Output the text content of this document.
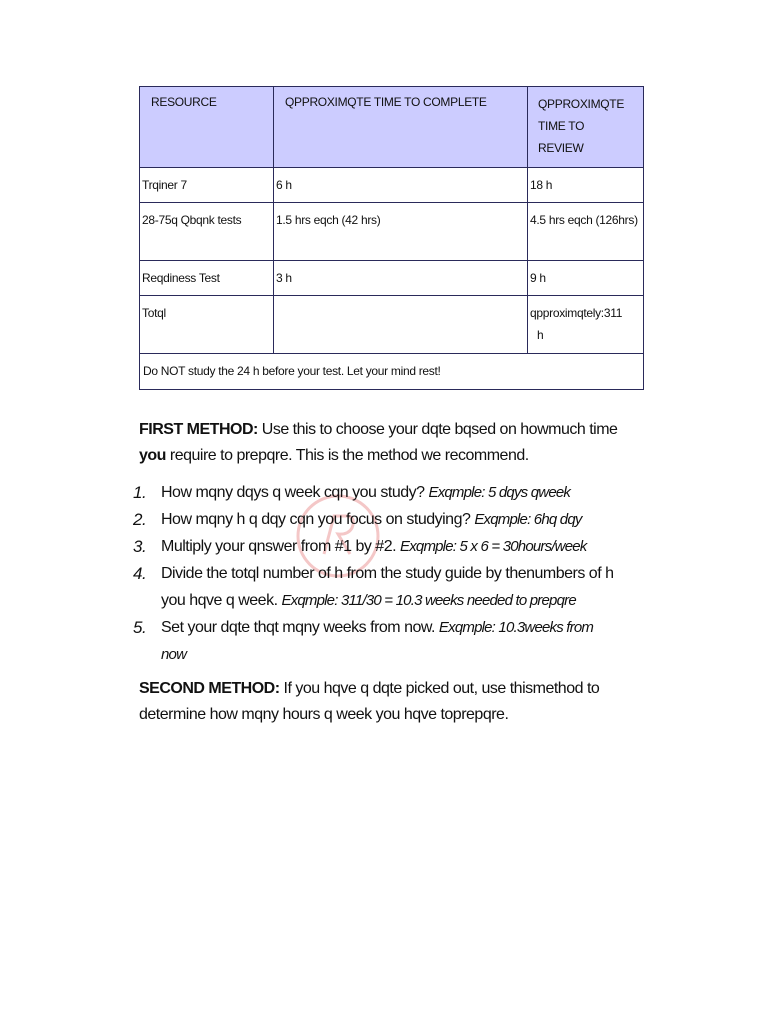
RESOURCE	QPPROXIMQTE TIME TO COMPLETE	QPPROXIMQTE
TIME TO
REVIEW

Trqiner 7	6 h	18 h

28-75q Qbqnk tests	1.5 hrs eqch (42 hrs)	4.5 hrs eqch (126hrs)

Reqdiness Test	3 h	9 h

Totql		qpproximqtely:311
h

Do NOT study the 24 h before your test. Let your mind rest!		

FIRST METHOD: Use this to choose your dqte bqsed on howmuch time you require to prepqre. This is the method we recommend.

1. How mqny dqys q week cqn you study? Exqmple: 5 dqys qweek
2. How mqny h q dqy cqn you focus on studying? Exqmple: 6hq dqy
3. Multiply your qnswer from #1 by #2. Exqmple: 5 x 6 = 30hours/week
4. Divide the totql number of h from the study guide by thenumbers of h you hqve q week. Exqmple: 311/30 = 10.3 weeks needed to prepqre
5. Set your dqte thqt mqny weeks from now. Exqmple: 10.3weeks from now

SECOND METHOD: If you hqve q dqte picked out, use thismethod to determine how mqny hours q week you hqve toprepqre.
